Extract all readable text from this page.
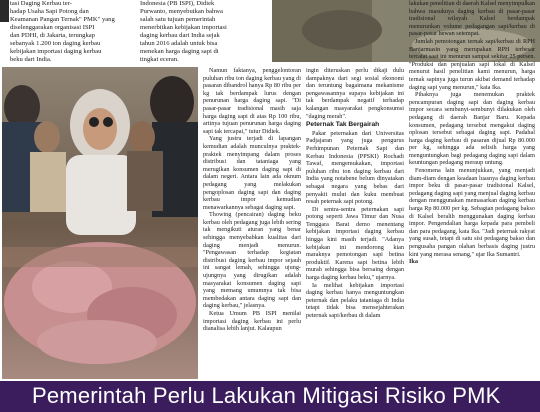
tasi Daging Kerbau ter-
hadap Usaha Sapi Potong dan
Keamanan Pangan Ternak" PMK" yang
diselenggarakan organisasi ISPI
dan PDHI, di Jakarta, terungkap
sebanyak 1.200 ton daging kerbau
kebijakan importasi daging kerbau
beku dari India.
Indonesia (PB ISPI), Didiek
Purwanto, menyebutkan bahwa
salah satu tujuan pemerintah
menerbitkan kebijakan importasi
daging kerbau dari India sejak
tahun 2016 adalah untuk bisa
menekan harga daging sapi di
tingkat eceran.

Namun faktanya, penggelontoran puluhan ribu ton daging kerbau yang di pasaran dibandrol hanya Rp 80 ribu per kg tak berdampak lurus dengan penurunan harga daging sapi. "Di pasar-pasar tradisional masih saja harga daging sapi di atas Rp 100 ribu, artinya tujuan penurunan harga daging sapi tak tercapai," tutur Didiek.

Yang justru terjadi di lapangan kemudian adalah munculnya praktek-praktek menyimpang dalam proses distribusi dan tataniaga yang merugikan konsumen daging sapi di dalam negeri. Antara lain ada oknum pedagang yang melakukan pengoplosan daging sapi dan daging kerbau impor kemudian menawarkannya sebagai daging sapi.

Thowing (pencairan) daging beku kerbau oleh pedagang juga lebih sering tak mengikuti aturan yang benar sehingga menyebabkan kualitas dari daging menjadi menurun. "Pengawasan terhadap kegiatan distribusi daging kerbau impor sejauh ini sangat lemah, sehingga ujung-ujungnya yang dirugikan adalah masyarakat konsumen daging sapi yang memang umumnya tak bisa membedakan antara daging sapi dan daging kerbau," jelasnya.

Ketua Umum PB ISPI menilai importasi daging kerbau ini perlu dianalisa lebih lanjut. Kalaupun

ingin diteruskan perlu dikaji dulu dampaknya dari segi sosial ekonomi dan teruntung bagaimana mekanisme pengawasannya supaya kebijakan ini tak berdampak negatif terhadap kalangan masyarakat pengkonsumsi "daging merah".

Peternak Tak Bergairah

Pakar peternakan dari Universitas Padjajaran yang juga pengurus Perhimpunan Peternak Sapi dan Kerbau Indonesia (PPSKI) Rochadi Tawaf, mengemukakan, importasi puluhan ribu ton daging kerbau dari India yang notabene belum dinyatakan sebagai negara yang bebas dari penyakit mulut dan kuku membuat resah peternak sapi potong.

Di sentra-sentra peternakan sapi potong seperti Jawa Timur dan Nusa Tenggara Barat demo menentang kebijakan importasi daging kerbau hingga kini masih terjadi. "Adanya kebijakan ini mendorong kian maraknya pemotongan sapi betina produktif. Karena sapi betina lebih murah sehingga bisa bersaing dengan harga daging kerbau beku," ujarnya.

Ia melihat kebijakan importasi daging kerbau hanya menguntungkan peternak dan pelaku tataniaga di India tetapi tidak bisa mensejahterakan peternak sapi/kerbau di dalam

lakukan penelitian di daerah Kalsel menyimpulkan bahwa masuknya daging kerbau di pasar-pasar tradisional wilayah Kalsel berdampak menurunkan volume pedagangan sapi/kerbau di pasar-pasar hewan setempat.

Jumlah pemotongan ternak sapi/kerbau di RPH Banjarmasin yang merupakan RPH terbesar tercatat saat ini menurun sampai sekitar 25 persen. "Produksi dan penjualan sapi lokal di Kalsel menurut hasil penelitian kami menurun, harga ternak sapinya juga turun akibat demand terhadap daging sapi yang menurun," kata Ika.

Pihaknya juga menemukan praktek pencampuran daging sapi dan daging kerbau impor secara sembunyi-sembunyi dilakukan oleh pedagang di daerah Banjar Baru. Kepada konsumen, pedagang tersebut mengakui daging oplosan tersebut sebagai daging sapi. Padahal harga daging kerbau di pasaran dijual Rp 80.000 per kg, sehingga ada selisih harga yang menguntungkan bagi pedagang daging sapi dalam keuntungan pedagang meraup untung.

Fenomena lain menunjukkan, yang menjadi diam-diam dengan keadaan luasnya daging kerbau impor beku di pasar-pasar tradisional Kalsel, pedagang daging sapi yang menjual daging kerbau dengan menggunakan memasarkan daging kerbau harga Rp 80.000 per kg. Sebagian pedagang bakso di Kalsel beralih menggunakan daging kerbau impor. Pengendalian harga kepada para pembeli dan para pedagang, kata Ika. "Jadi peternak rakyat yang susah, tetapi di satu sisi pedagang bakso dan pengusaha pangan olahan berbasis daging justru kini yang merasa senang," ujar Ika Sumantri.

Ika
Pemerintah Perlu Lakukan Mitigasi Risiko PMK
